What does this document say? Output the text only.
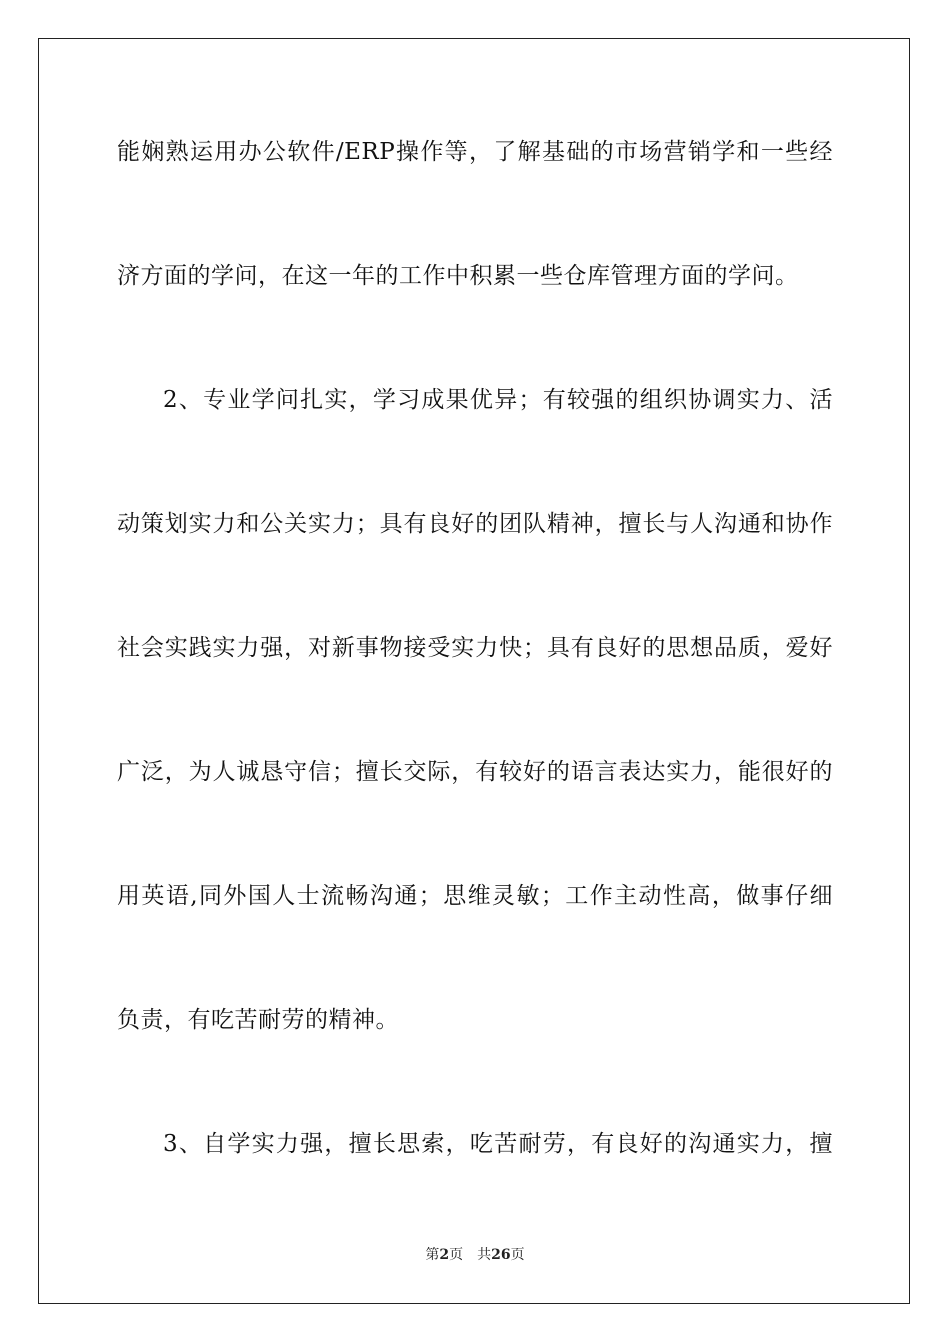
能娴熟运用办公软件/ERP操作等，了解基础的市场营销学和一些经
济方面的学问，在这一年的工作中积累一些仓库管理方面的学问。
2、专业学问扎实，学习成果优异；有较强的组织协调实力、活
动策划实力和公关实力；具有良好的团队精神，擅长与人沟通和协作
社会实践实力强，对新事物接受实力快；具有良好的思想品质，爱好
广泛，为人诚恳守信；擅长交际，有较好的语言表达实力，能很好的
用英语,同外国人士流畅沟通；思维灵敏；工作主动性高，做事仔细
负责，有吃苦耐劳的精神。
3、自学实力强，擅长思索，吃苦耐劳，有良好的沟通实力，擅
第2页 共26页
